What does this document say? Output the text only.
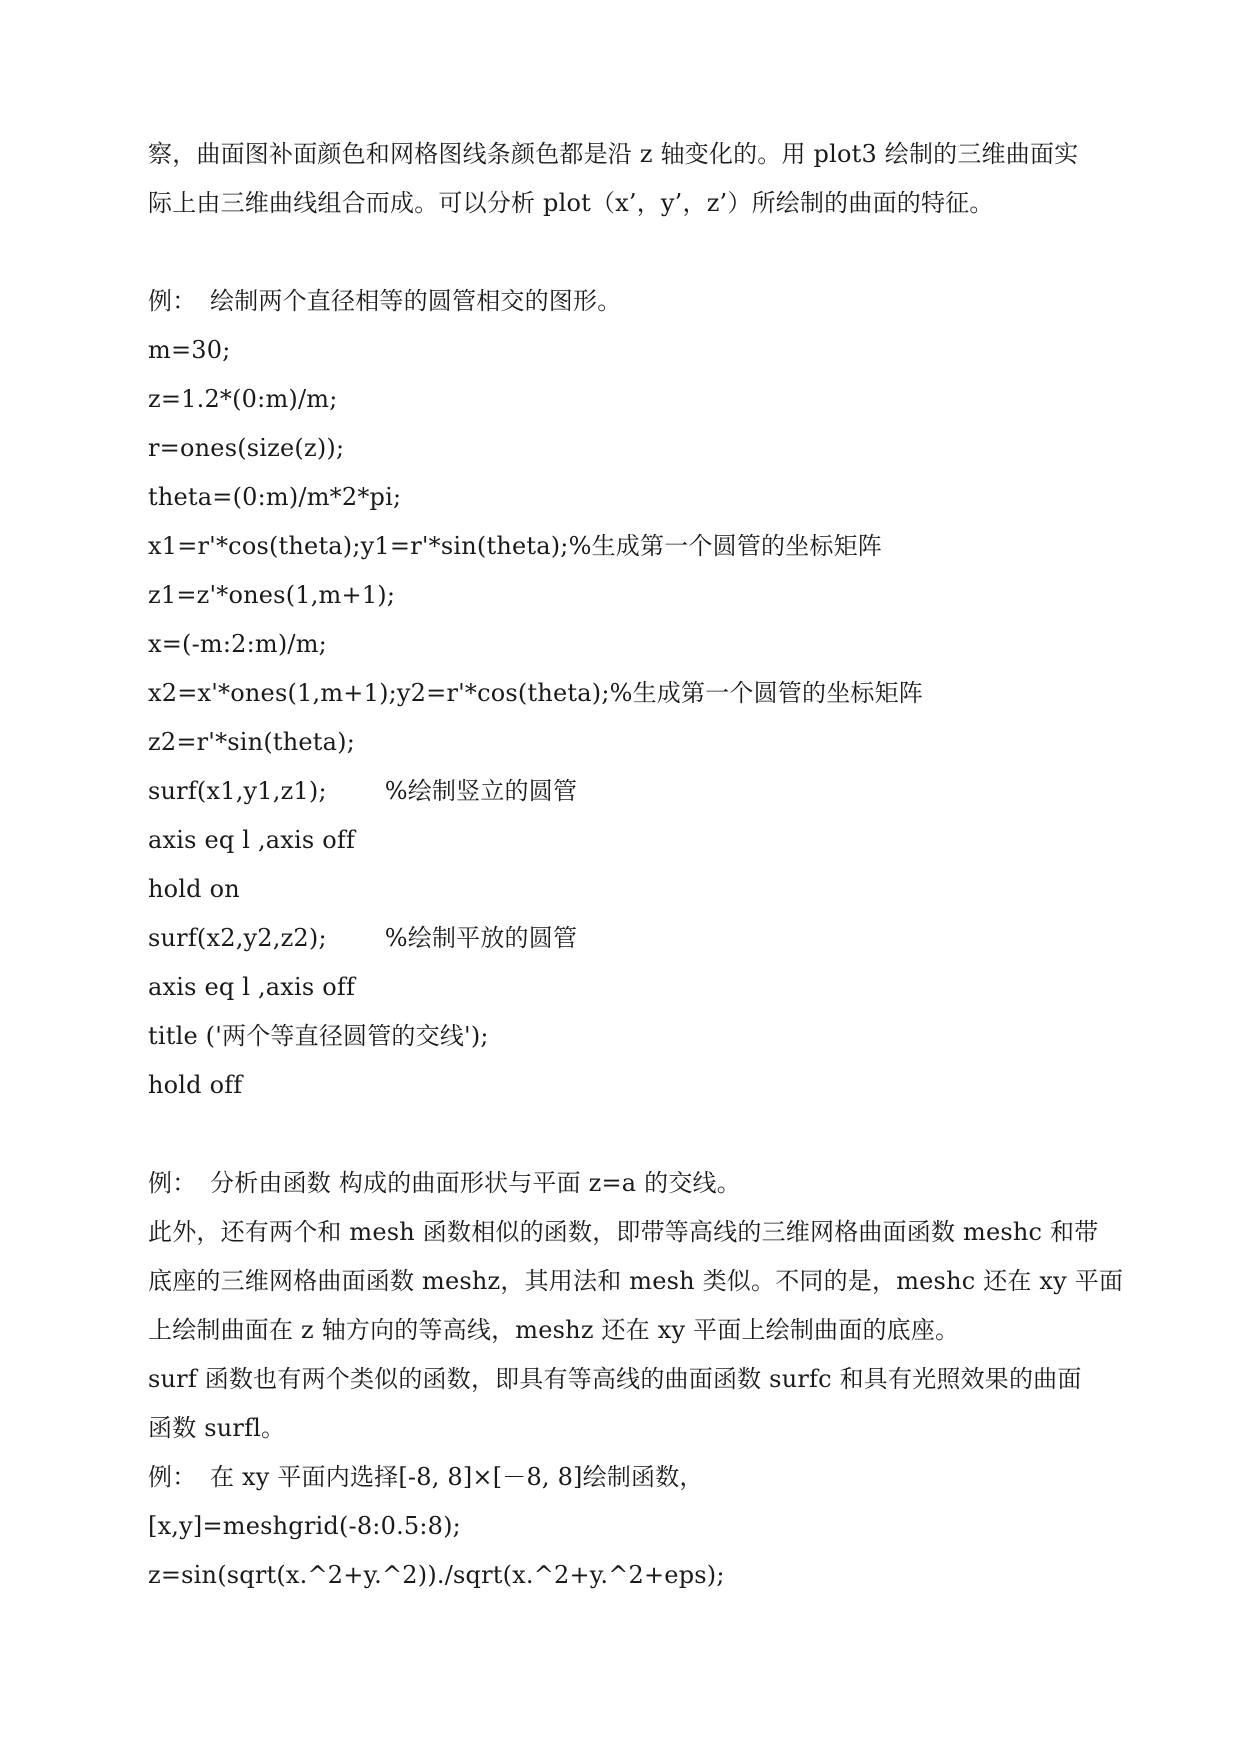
察，曲面图补面颜色和网格图线条颜色都是沿 z 轴变化的。用 plot3 绘制的三维曲面实
际上由三维曲线组合而成。可以分析 plot（x’，y’，z’）所绘制的曲面的特征。
例： 绘制两个直径相等的圆管相交的图形。
m=30;
z=1.2*(0:m)/m;
r=ones(size(z));
theta=(0:m)/m*2*pi;
x1=r'*cos(theta);y1=r'*sin(theta);%生成第一个圆管的坐标矩阵
z1=z'*ones(1,m+1);
x=(-m:2:m)/m;
x2=x'*ones(1,m+1);y2=r'*cos(theta);%生成第一个圆管的坐标矩阵
z2=r'*sin(theta);
surf(x1,y1,z1); %绘制竖立的圆管
axis eq l ,axis off
hold on
surf(x2,y2,z2); %绘制平放的圆管
axis eq l ,axis off
title ('两个等直径圆管的交线');
hold off
例： 分析由函数 构成的曲面形状与平面 z=a 的交线。
此外，还有两个和 mesh 函数相似的函数，即带等高线的三维网格曲面函数 meshc 和带
底座的三维网格曲面函数 meshz，其用法和 mesh 类似。不同的是，meshc 还在 xy 平面
上绘制曲面在 z 轴方向的等高线，meshz 还在 xy 平面上绘制曲面的底座。
surf 函数也有两个类似的函数，即具有等高线的曲面函数 surfc 和具有光照效果的曲面
函数 surfl。
例： 在 xy 平面内选择[-8, 8]×[－8, 8]绘制函数，
[x,y]=meshgrid(-8:0.5:8);
z=sin(sqrt(x.^2+y.^2))./sqrt(x.^2+y.^2+eps);
